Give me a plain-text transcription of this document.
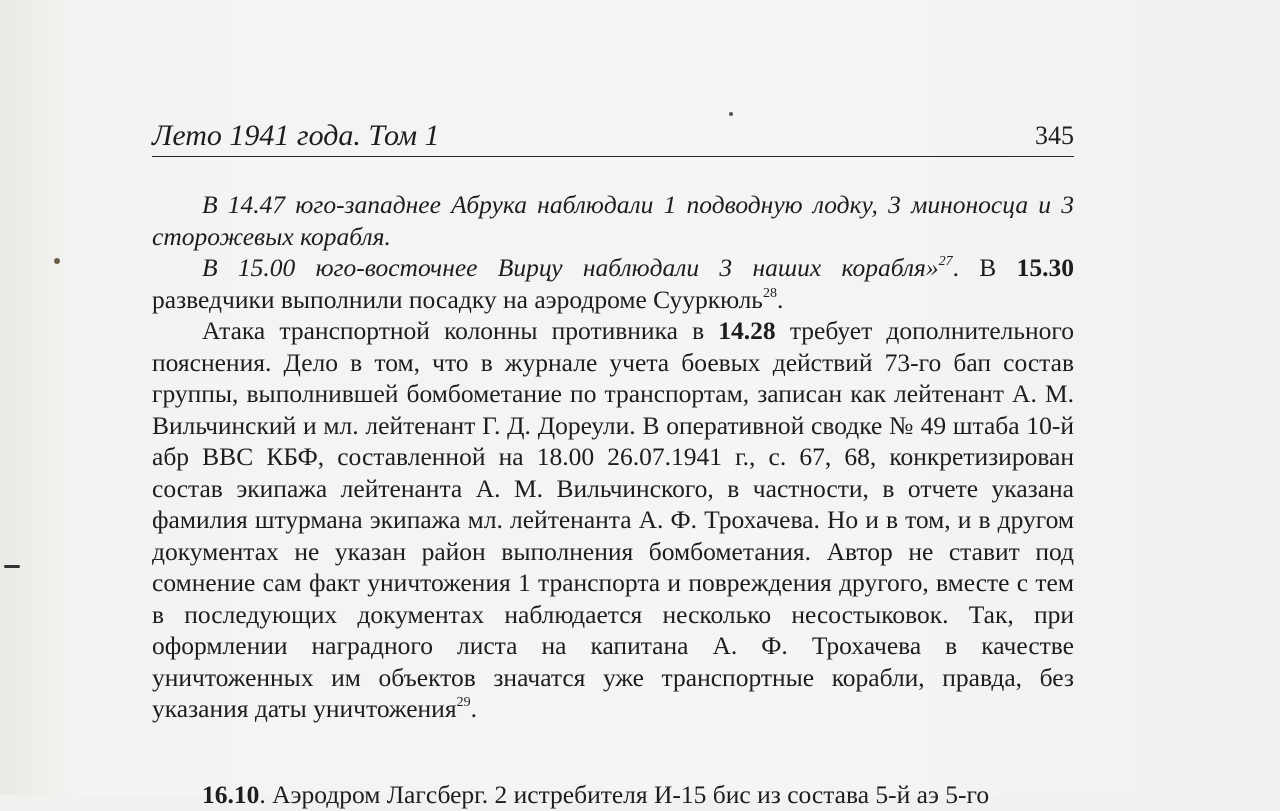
Лето 1941 года. Том 1	345

В 14.47 юго-западнее Абрука наблюдали 1 подводную лодку, 3 миноносца и 3 сторожевых корабля.

В 15.00 юго-восточнее Вирцу наблюдали 3 наших корабля»$^{27}$. В 15.30 разведчики выполнили посадку на аэродроме Сууркюль$^{28}$.

Атака транспортной колонны противника в 14.28 требует дополнительного пояснения. Дело в том, что в журнале учета боевых действий 73-го бап состав группы, выполнившей бомбометание по транспортам, записан как лейтенант А. М. Вильчинский и мл. лейтенант Г. Д. Дореули. В оперативной сводке № 49 штаба 10-й абр ВВС КБФ, составленной на 18.00 26.07.1941 г., с. 67, 68, конкретизирован состав экипажа лейтенанта А. М. Вильчинского, в частности, в отчете указана фамилия штурмана экипажа мл. лейтенанта А. Ф. Трохачева. Но и в том, и в другом документах не указан район выполнения бомбометания. Автор не ставит под сомнение сам факт уничтожения 1 транспорта и повреждения другого, вместе с тем в последующих документах наблюдается несколько несостыковок. Так, при оформлении наградного листа на капитана А. Ф. Трохачева в качестве уничтоженных им объектов значатся уже транспортные корабли, правда, без указания даты уничтожения$^{29}$.

16.10. Аэродром Лагсберг. 2 истребителя И-15 бис из состава 5-й аэ 5-го
